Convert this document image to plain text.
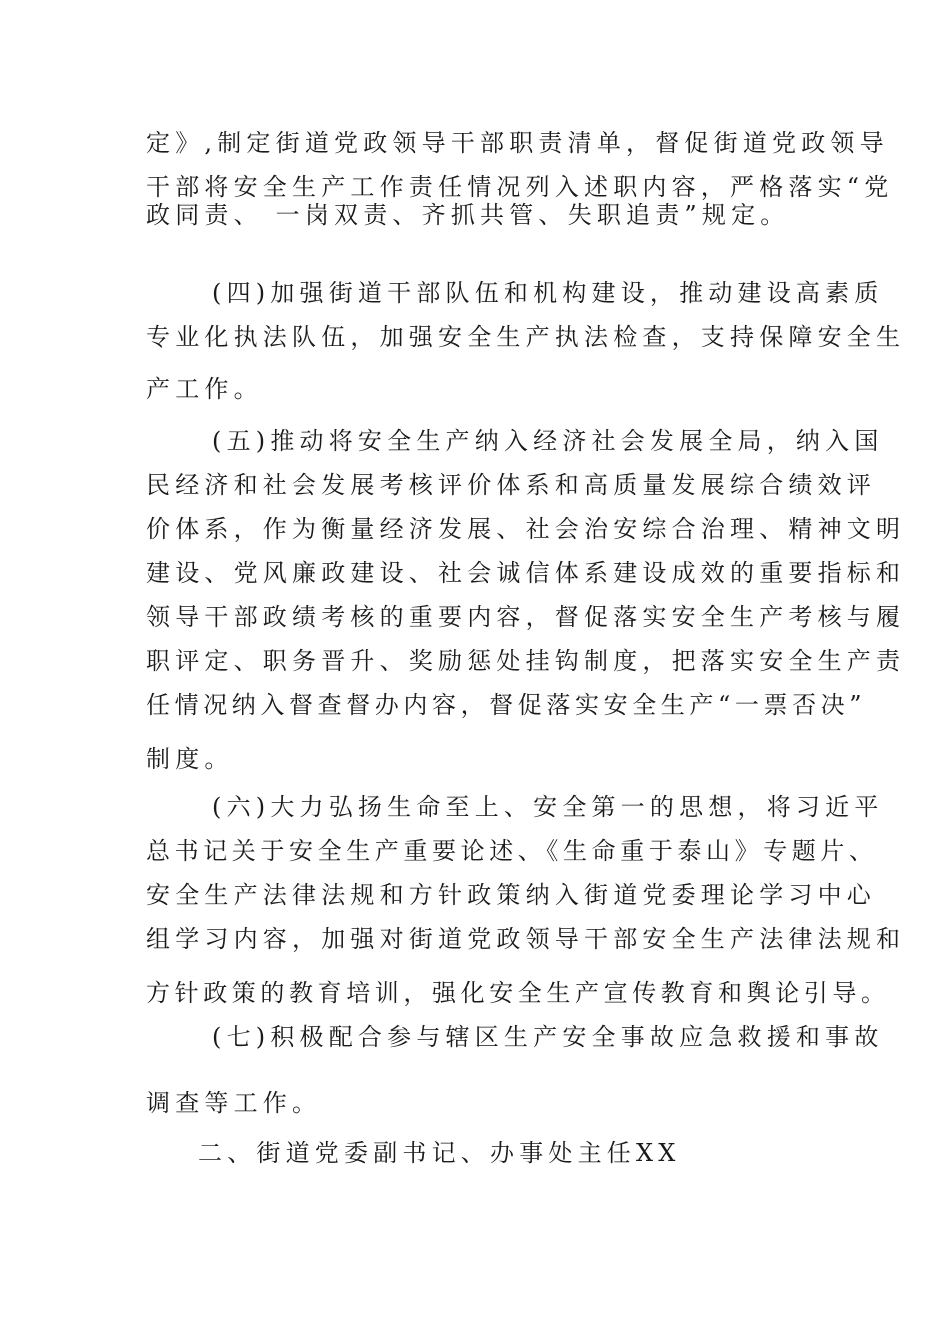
定》,制定街道党政领导干部职责清单，督促街道党政领导
干部将安全生产工作责任情况列入述职内容，严格落实“党
政同责、 一岗双责、齐抓共管、失职追责”规定。
(四)加强街道干部队伍和机构建设，推动建设高素质
专业化执法队伍，加强安全生产执法检查，支持保障安全生
产工作。
(五)推动将安全生产纳入经济社会发展全局，纳入国
民经济和社会发展考核评价体系和高质量发展综合绩效评
价体系，作为衡量经济发展、社会治安综合治理、精神文明
建设、党风廉政建设、社会诚信体系建设成效的重要指标和
领导干部政绩考核的重要内容，督促落实安全生产考核与履
职评定、职务晋升、奖励惩处挂钩制度，把落实安全生产责
任情况纳入督查督办内容，督促落实安全生产“一票否决”
制度。
(六)大力弘扬生命至上、安全第一的思想，将习近平
总书记关于安全生产重要论述、《生命重于泰山》专题片、
安全生产法律法规和方针政策纳入街道党委理论学习中心
组学习内容，加强对街道党政领导干部安全生产法律法规和
方针政策的教育培训，强化安全生产宣传教育和舆论引导。
(七)积极配合参与辖区生产安全事故应急救援和事故
调查等工作。
二、街道党委副书记、办事处主任XX
